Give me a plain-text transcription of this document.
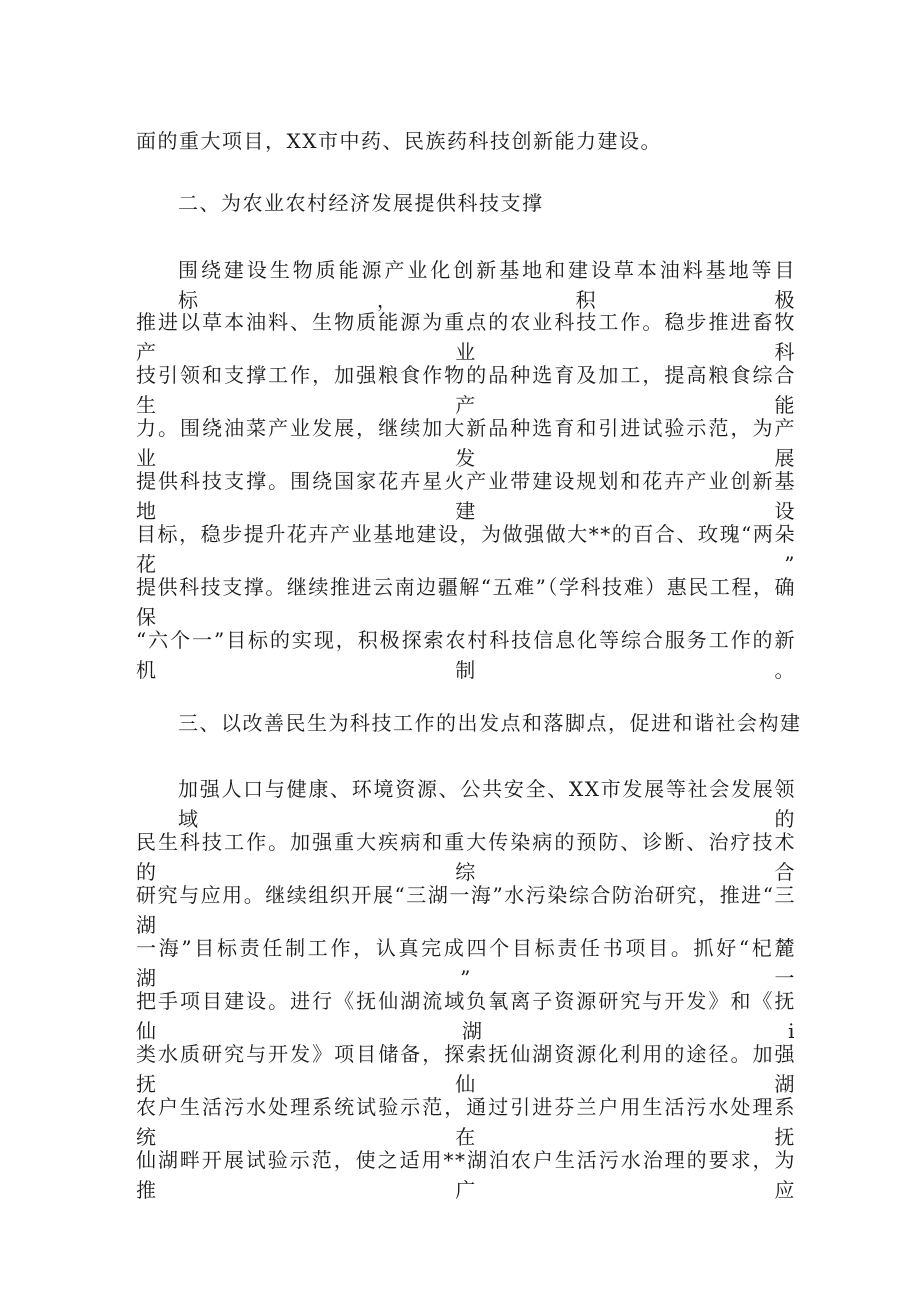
面的重大项目，XX市中药、民族药科技创新能力建设。
二、为农业农村经济发展提供科技支撑
围绕建设生物质能源产业化创新基地和建设草本油料基地等目标，积极
推进以草本油料、生物质能源为重点的农业科技工作。稳步推进畜牧产业科
技引领和支撑工作，加强粮食作物的品种选育及加工，提高粮食综合生产能
力。围绕油菜产业发展，继续加大新品种选育和引进试验示范，为产业发展
提供科技支撑。围绕国家花卉星火产业带建设规划和花卉产业创新基地建设
目标，稳步提升花卉产业基地建设，为做强做大**的百合、玫瑰“两朵花”
提供科技支撑。继续推进云南边疆解“五难”（学科技难）惠民工程，确保
“六个一”目标的实现，积极探索农村科技信息化等综合服务工作的新机制。
三、以改善民生为科技工作的出发点和落脚点，促进和谐社会构建
加强人口与健康、环境资源、公共安全、XX市发展等社会发展领域的
民生科技工作。加强重大疾病和重大传染病的预防、诊断、治疗技术的综合
研究与应用。继续组织开展“三湖一海”水污染综合防治研究，推进“三湖
一海”目标责任制工作，认真完成四个目标责任书项目。抓好“杞麓湖”一
把手项目建设。进行《抚仙湖流域负氧离子资源研究与开发》和《抚仙湖i
类水质研究与开发》项目储备，探索抚仙湖资源化利用的途径。加强抚仙湖
农户生活污水处理系统试验示范，通过引进芬兰户用生活污水处理系统在抚
仙湖畔开展试验示范，使之适用**湖泊农户生活污水治理的要求，为推广应
